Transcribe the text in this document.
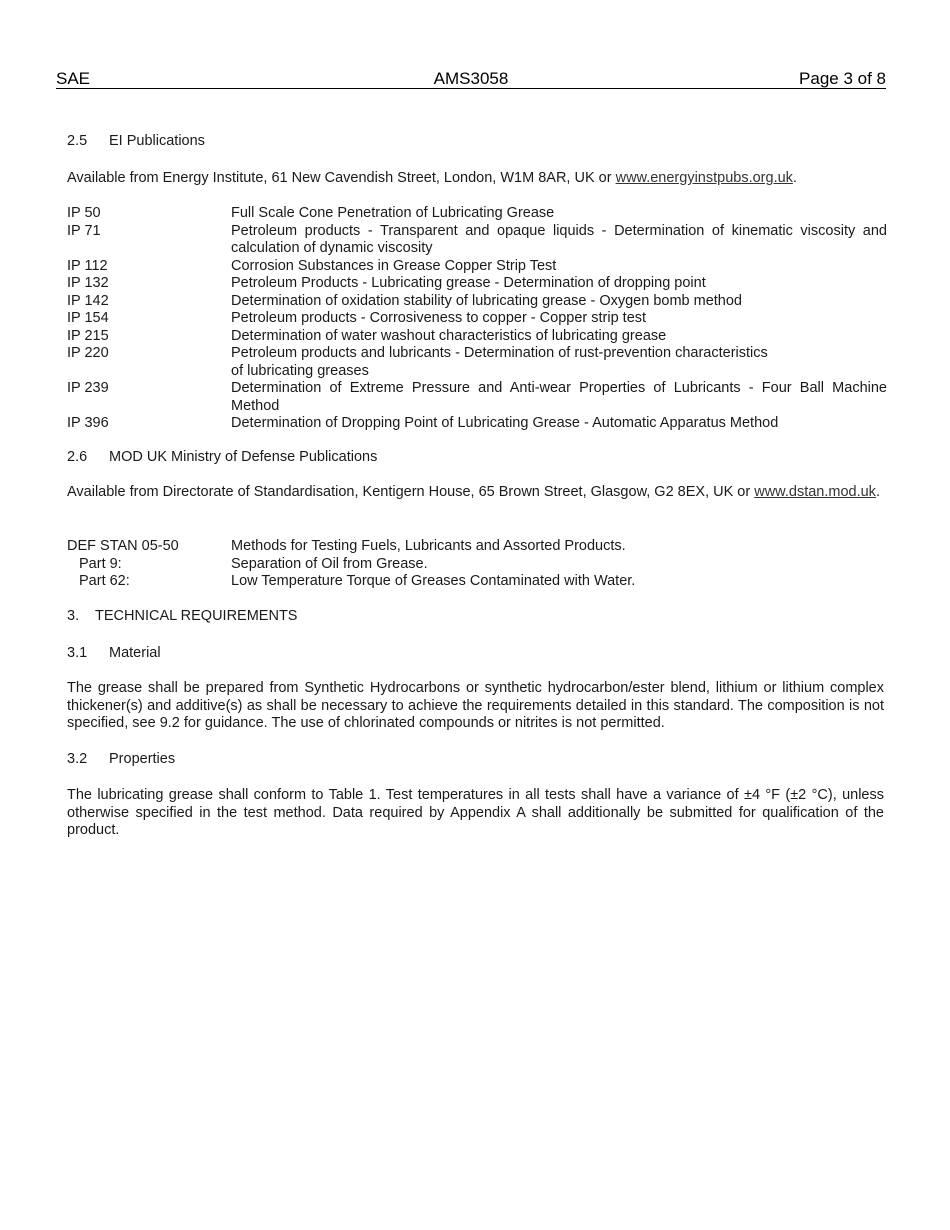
SAE	AMS3058	Page 3 of 8
2.5 EI Publications
Available from Energy Institute, 61 New Cavendish Street, London, W1M 8AR, UK or www.energyinstpubs.org.uk.
IP 50	Full Scale Cone Penetration of Lubricating Grease
IP 71	Petroleum products - Transparent and opaque liquids - Determination of kinematic viscosity and calculation of dynamic viscosity
IP 112	Corrosion Substances in Grease Copper Strip Test
IP 132	Petroleum Products - Lubricating grease - Determination of dropping point
IP 142	Determination of oxidation stability of lubricating grease - Oxygen bomb method
IP 154	Petroleum products - Corrosiveness to copper - Copper strip test
IP 215	Determination of water washout characteristics of lubricating grease
IP 220	Petroleum products and lubricants - Determination of rust-prevention characteristics
of lubricating greases
IP 239	Determination of Extreme Pressure and Anti-wear Properties of Lubricants - Four Ball Machine Method
IP 396	Determination of Dropping Point of Lubricating Grease - Automatic Apparatus Method
2.6 MOD UK Ministry of Defense Publications
Available from Directorate of Standardisation, Kentigern House, 65 Brown Street, Glasgow, G2 8EX, UK or www.dstan.mod.uk.
DEF STAN 05-50	Methods for Testing Fuels, Lubricants and Assorted Products.
Part 9:	Separation of Oil from Grease.
Part 62:	Low Temperature Torque of Greases Contaminated with Water.
3. TECHNICAL REQUIREMENTS
3.1 Material
The grease shall be prepared from Synthetic Hydrocarbons or synthetic hydrocarbon/ester blend, lithium or lithium complex thickener(s) and additive(s) as shall be necessary to achieve the requirements detailed in this standard. The composition is not specified, see 9.2 for guidance. The use of chlorinated compounds or nitrites is not permitted.
3.2 Properties
The lubricating grease shall conform to Table 1. Test temperatures in all tests shall have a variance of ±4 °F (±2 °C), unless otherwise specified in the test method. Data required by Appendix A shall additionally be submitted for qualification of the product.
